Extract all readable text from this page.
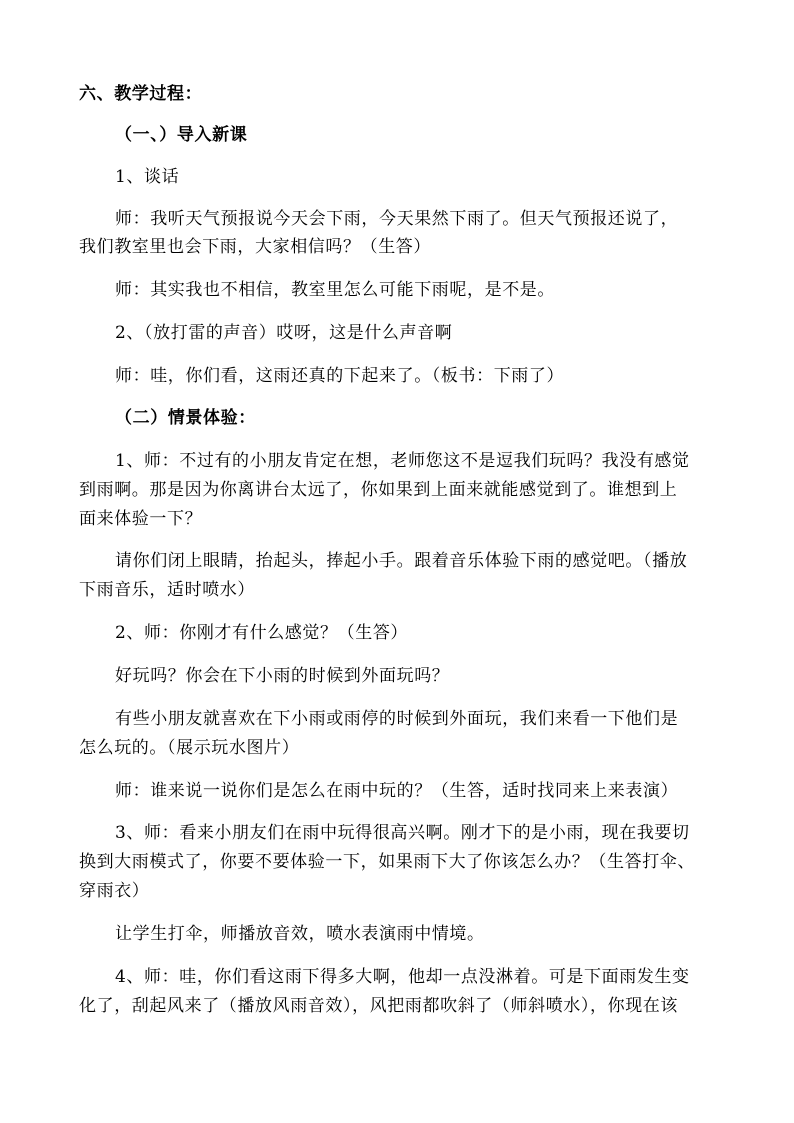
六、教学过程：
（一、）导入新课
1、谈话
师：我听天气预报说今天会下雨，今天果然下雨了。但天气预报还说了，
我们教室里也会下雨，大家相信吗？（生答）
师：其实我也不相信，教室里怎么可能下雨呢，是不是。
2、（放打雷的声音）哎呀，这是什么声音啊
师：哇，你们看，这雨还真的下起来了。（板书：下雨了）
（二）情景体验：
1、师：不过有的小朋友肯定在想，老师您这不是逗我们玩吗？我没有感觉
到雨啊。那是因为你离讲台太远了，你如果到上面来就能感觉到了。谁想到上
面来体验一下？
请你们闭上眼睛，抬起头，捧起小手。跟着音乐体验下雨的感觉吧。（播放
下雨音乐，适时喷水）
2、师：你刚才有什么感觉？（生答）
好玩吗？你会在下小雨的时候到外面玩吗？
有些小朋友就喜欢在下小雨或雨停的时候到外面玩，我们来看一下他们是
怎么玩的。（展示玩水图片）
师：谁来说一说你们是怎么在雨中玩的？（生答，适时找同来上来表演）
3、师：看来小朋友们在雨中玩得很高兴啊。刚才下的是小雨，现在我要切
换到大雨模式了，你要不要体验一下，如果雨下大了你该怎么办？（生答打伞、
穿雨衣）
让学生打伞，师播放音效，喷水表演雨中情境。
4、师：哇，你们看这雨下得多大啊，他却一点没淋着。可是下面雨发生变
化了，刮起风来了（播放风雨音效），风把雨都吹斜了（师斜喷水），你现在该
